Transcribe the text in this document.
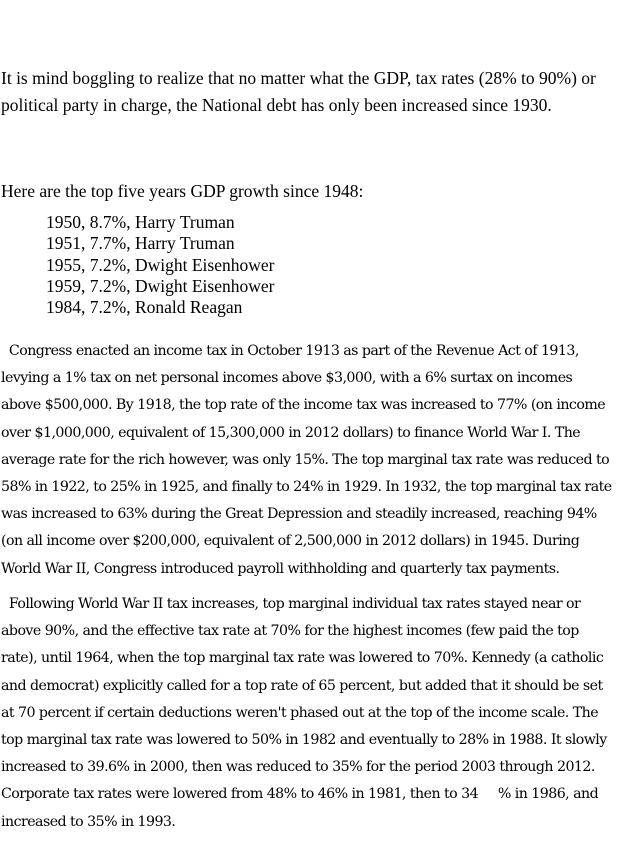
It is mind boggling to realize that no matter what the GDP, tax rates (28% to 90%) or political party in charge, the National debt has only been increased since 1930.

Here are the top five years GDP growth since 1948:

1950, 8.7%, Harry Truman
1951, 7.7%, Harry Truman
1955, 7.2%, Dwight Eisenhower
1959, 7.2%, Dwight Eisenhower
1984, 7.2%, Ronald Reagan
Congress enacted an income tax in October 1913 as part of the Revenue Act of 1913,
levying a 1% tax on net personal incomes above $3,000, with a 6% surtax on incomes
above $500,000. By 1918, the top rate of the income tax was increased to 77% (on income
over $1,000,000, equivalent of 15,300,000 in 2012 dollars) to finance World War I. The
average rate for the rich however, was only 15%. The top marginal tax rate was reduced to
58% in 1922, to 25% in 1925, and finally to 24% in 1929. In 1932, the top marginal tax rate
was increased to 63% during the Great Depression and steadily increased, reaching 94%
(on all income over $200,000, equivalent of 2,500,000 in 2012 dollars) in 1945. During
World War II, Congress introduced payroll withholding and quarterly tax payments.
Following World War II tax increases, top marginal individual tax rates stayed near or
above 90%, and the effective tax rate at 70% for the highest incomes (few paid the top
rate), until 1964, when the top marginal tax rate was lowered to 70%. Kennedy (a catholic
and democrat) explicitly called for a top rate of 65 percent, but added that it should be set
at 70 percent if certain deductions weren't phased out at the top of the income scale. The
top marginal tax rate was lowered to 50% in 1982 and eventually to 28% in 1988. It slowly
increased to 39.6% in 2000, then was reduced to 35% for the period 2003 through 2012.
Corporate tax rates were lowered from 48% to 46% in 1981, then to 34     % in 1986, and
increased to 35% in 1993.
